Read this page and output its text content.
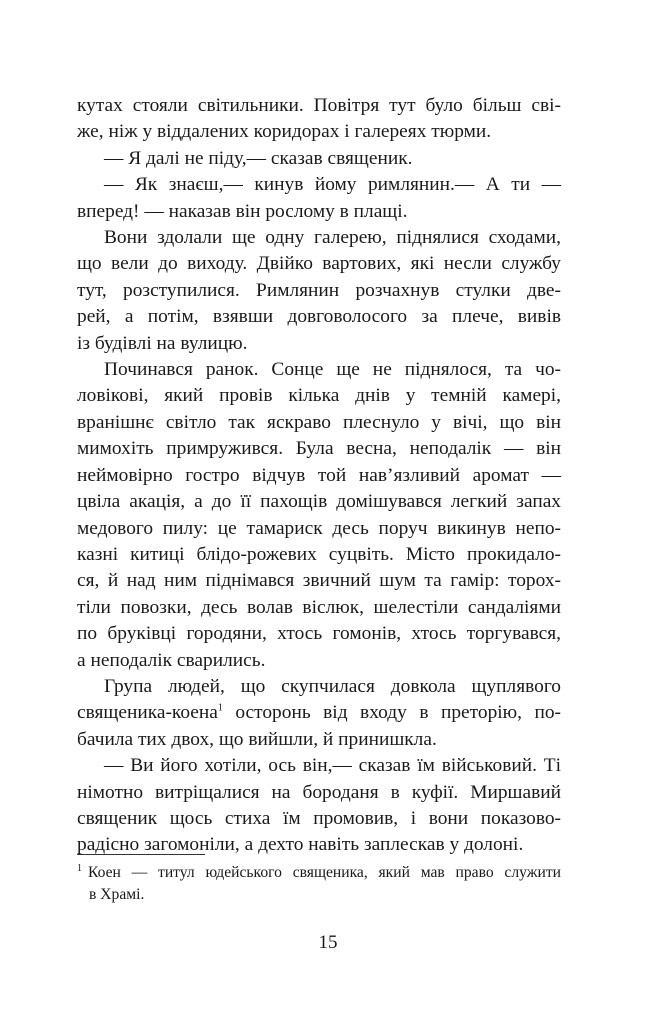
кутах стояли світильники. Повітря тут було більш сві-
же, ніж у віддалених коридорах і галереях тюрми.

— Я далі не піду,— сказав священик.

— Як знаєш,— кинув йому римлянин.— А ти —
вперед! — наказав він рослому в плащі.

Вони здолали ще одну галерею, піднялися сходами,
що вели до виходу. Двійко вартових, які несли службу
тут, розступилися. Римлянин розчахнув стулки две-
рей, а потім, взявши довговолосого за плече, вивів
із будівлі на вулицю.

Починався ранок. Сонце ще не піднялося, та чо-
ловікові, який провів кілька днів у темній камері,
вранішнє світло так яскраво плеснуло у вічі, що він
мимохіть примружився. Була весна, неподалік — він
неймовірно гостро відчув той нав’язливий аромат —
цвіла акація, а до її пахощів домішувався легкий запах
медового пилу: це тамариск десь поруч викинув непо-
казні китиці блідо-рожевих суцвіть. Місто прокидало-
ся, й над ним піднімався звичний шум та гамір: торох-
тіли повозки, десь волав віслюк, шелестіли сандаліями
по бруківці городяни, хтось гомонів, хтось торгувався,
а неподалік сварились.

Група людей, що скупчилася довкола щуплявого
священика-коена$^1$ осторонь від входу в преторію, по-
бачила тих двох, що вийшли, й принишкла.

— Ви його хотіли, ось він,— сказав їм військовий. Ті
німотно витріщалися на бороданя в куфії. Миршавий
священик щось стиха їм промовив, і вони показово-
радісно загомоніли, а дехто навіть заплескав у долоні.

$^1$ Коен — титул юдейського священика, який мав право служити
в Храмі.
15
